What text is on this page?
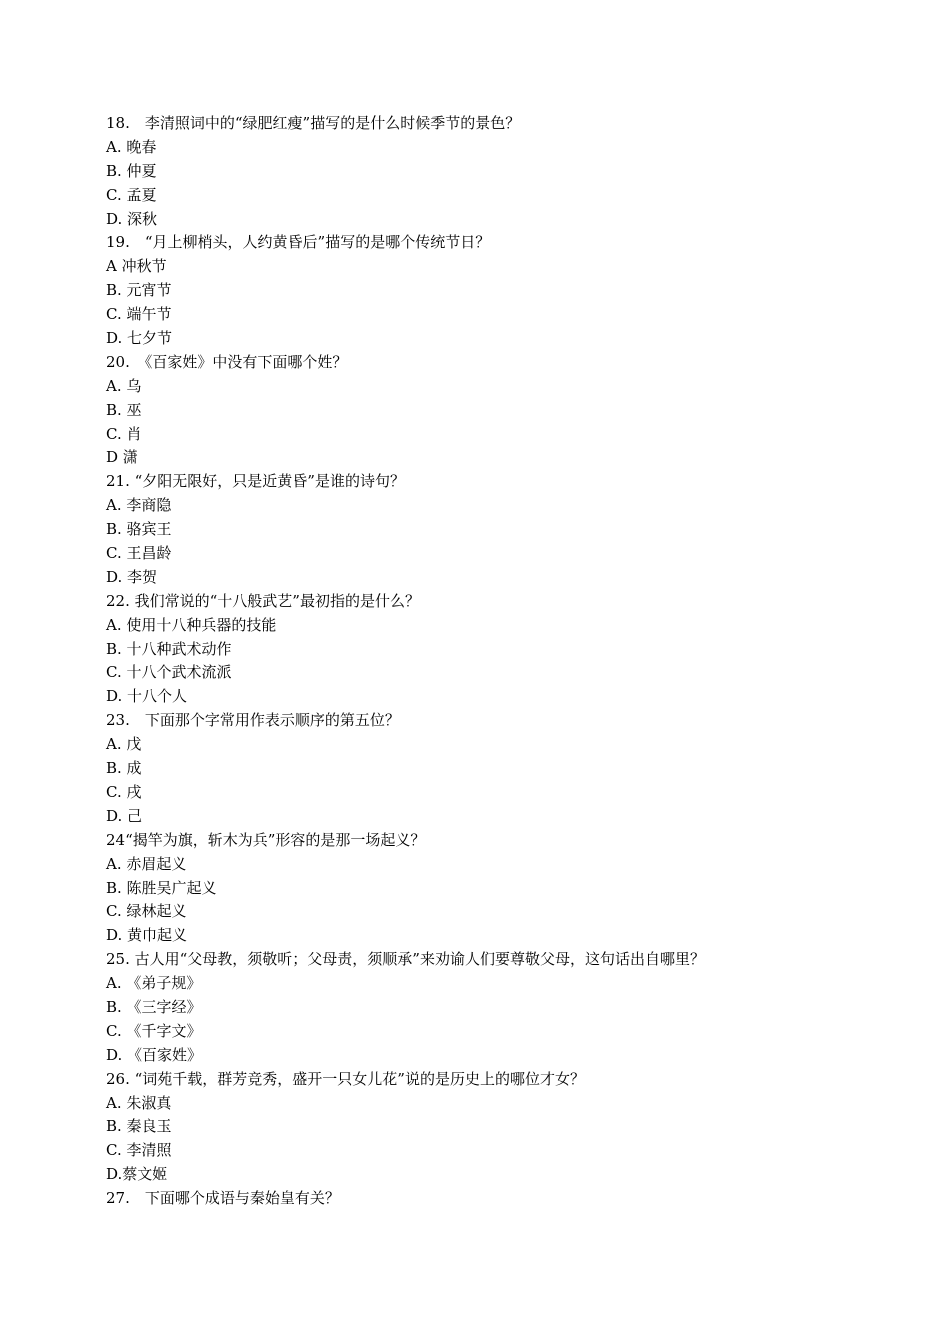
18.　李清照词中的“绿肥红瘦”描写的是什么时候季节的景色？
A. 晚春
B. 仲夏
C. 孟夏
D. 深秋
19.　“月上柳梢头，人约黄昏后”描写的是哪个传统节日？
A 冲秋节
B. 元宵节
C. 端午节
D. 七夕节
20.　《百家姓》中没有下面哪个姓？
A. 乌
B. 巫
C. 肖
D 潇
21. “夕阳无限好，只是近黄昏”是谁的诗句？
A. 李商隐
B. 骆宾王
C. 王昌龄
D. 李贺
22. 我们常说的“十八般武艺”最初指的是什么？
A. 使用十八种兵器的技能
B. 十八种武术动作
C. 十八个武术流派
D. 十八个人
23.　下面那个字常用作表示顺序的第五位？
A. 戊
B. 成
C. 戌
D. 己
24“揭竿为旗，斩木为兵”形容的是那一场起义？
A. 赤眉起义
B. 陈胜吴广起义
C. 绿林起义
D. 黄巾起义
25. 古人用“父母教，须敬听；父母责，须顺承”来劝谕人们要尊敬父母，这句话出自哪里？
A. 《弟子规》
B. 《三字经》
C. 《千字文》
D. 《百家姓》
26. “词苑千载，群芳竞秀，盛开一只女儿花”说的是历史上的哪位才女？
A. 朱淑真
B. 秦良玉
C. 李清照
D.蔡文姬
27.　下面哪个成语与秦始皇有关？
